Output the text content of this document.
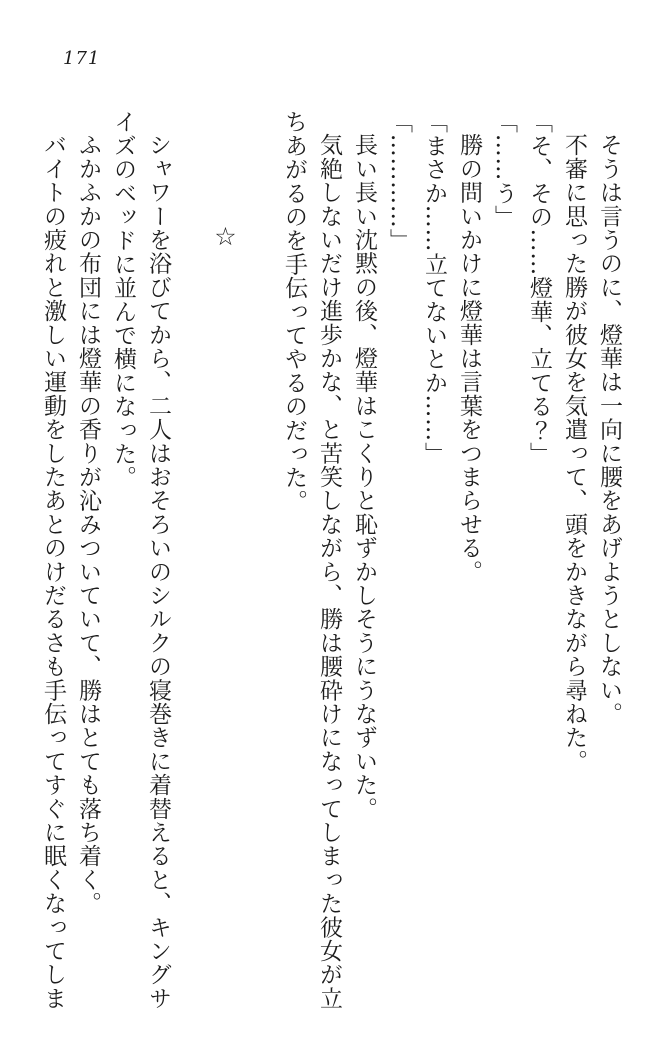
171

そうは言うのに、燈華は一向に腰をあげようとしない。

不審に思った勝が彼女を気遣って、頭をかきながら尋ねた。

「そ、その……燈華、立てる？」

「……う」

勝の問いかけに燈華は言葉をつまらせる。

「まさか……立てないとか……」

「…………」

長い長い沈黙の後、燈華はこくりと恥ずかしそうにうなずいた。

気絶しないだけ進歩かな、と苦笑しながら、勝は腰砕けになってしまった彼女が立ちあがるのを手伝ってやるのだった。

☆

シャワーを浴びてから、二人はおそろいのシルクの寝巻きに着替えると、キングサイズのベッドに並んで横になった。

ふかふかの布団には燈華の香りが沁みついていて、勝はとても落ち着く。

バイトの疲れと激しい運動をしたあとのけだるさも手伝ってすぐに眠くなってしま
